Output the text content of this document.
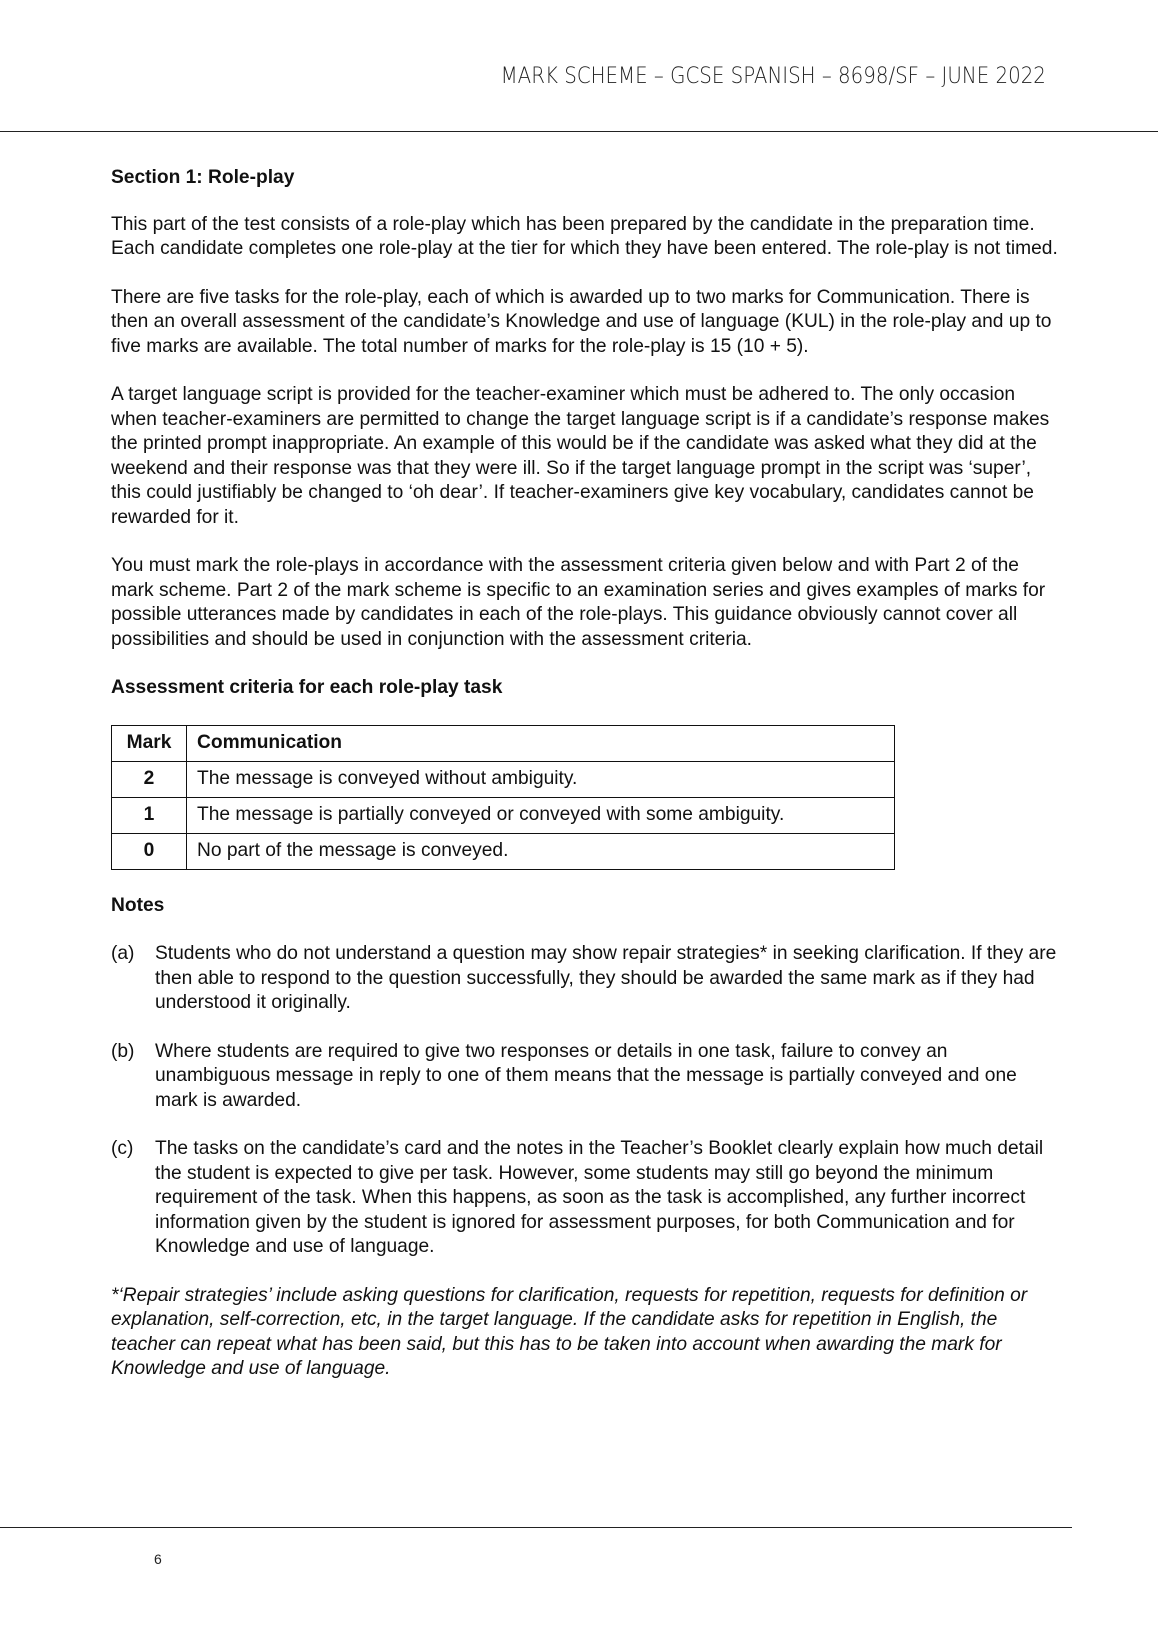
MARK SCHEME – GCSE SPANISH – 8698/SF – JUNE 2022
Section 1: Role-play

This part of the test consists of a role-play which has been prepared by the candidate in the preparation time. Each candidate completes one role-play at the tier for which they have been entered. The role-play is not timed.

There are five tasks for the role-play, each of which is awarded up to two marks for Communication. There is then an overall assessment of the candidate’s Knowledge and use of language (KUL) in the role-play and up to five marks are available. The total number of marks for the role-play is 15 (10 + 5).

A target language script is provided for the teacher-examiner which must be adhered to. The only occasion when teacher-examiners are permitted to change the target language script is if a candidate’s response makes the printed prompt inappropriate. An example of this would be if the candidate was asked what they did at the weekend and their response was that they were ill. So if the target language prompt in the script was ‘super’, this could justifiably be changed to ‘oh dear’. If teacher-examiners give key vocabulary, candidates cannot be rewarded for it.

You must mark the role-plays in accordance with the assessment criteria given below and with Part 2 of the mark scheme. Part 2 of the mark scheme is specific to an examination series and gives examples of marks for possible utterances made by candidates in each of the role-plays. This guidance obviously cannot cover all possibilities and should be used in conjunction with the assessment criteria.

Assessment criteria for each role-play task
Mark	Communication
2	The message is conveyed without ambiguity.
1	The message is partially conveyed or conveyed with some ambiguity.
0	No part of the message is conveyed.
Notes
(a)	Students who do not understand a question may show repair strategies* in seeking clarification. If they are then able to respond to the question successfully, they should be awarded the same mark as if they had understood it originally.
(b)	Where students are required to give two responses or details in one task, failure to convey an unambiguous message in reply to one of them means that the message is partially conveyed and one mark is awarded.
(c)	The tasks on the candidate’s card and the notes in the Teacher’s Booklet clearly explain how much detail the student is expected to give per task. However, some students may still go beyond the minimum requirement of the task. When this happens, as soon as the task is accomplished, any further incorrect information given by the student is ignored for assessment purposes, for both Communication and for Knowledge and use of language.

*‘Repair strategies’ include asking questions for clarification, requests for repetition, requests for definition or explanation, self-correction, etc, in the target language. If the candidate asks for repetition in English, the teacher can repeat what has been said, but this has to be taken into account when awarding the mark for Knowledge and use of language.

6
